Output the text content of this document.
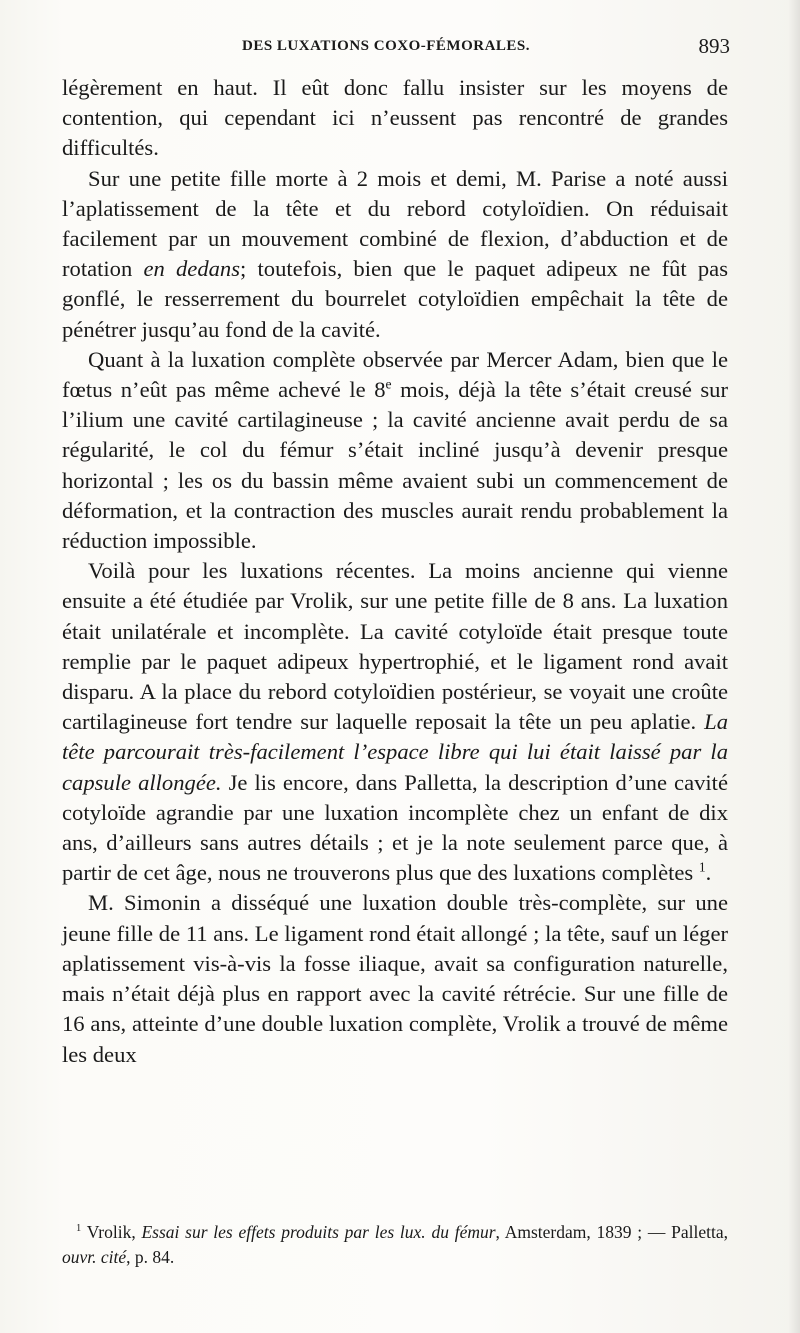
DES LUXATIONS COXO-FÉMORALES.	893

légèrement en haut. Il eût donc fallu insister sur les moyens de contention, qui cependant ici n’eussent pas rencontré de grandes difficultés.

Sur une petite fille morte à 2 mois et demi, M. Parise a noté aussi l’aplatissement de la tête et du rebord cotyloïdien. On réduisait facilement par un mouvement combiné de flexion, d’abduction et de rotation en dedans; toutefois, bien que le paquet adipeux ne fût pas gonflé, le resserrement du bourrelet cotyloïdien empêchait la tête de pénétrer jusqu’au fond de la cavité.

Quant à la luxation complète observée par Mercer Adam, bien que le fœtus n’eût pas même achevé le 8e mois, déjà la tête s’était creusé sur l’ilium une cavité cartilagineuse ; la cavité ancienne avait perdu de sa régularité, le col du fémur s’était incliné jusqu’à devenir presque horizontal ; les os du bassin même avaient subi un commencement de déformation, et la contraction des muscles aurait rendu probablement la réduction impossible.

Voilà pour les luxations récentes. La moins ancienne qui vienne ensuite a été étudiée par Vrolik, sur une petite fille de 8 ans. La luxation était unilatérale et incomplète. La cavité cotyloïde était presque toute remplie par le paquet adipeux hypertrophié, et le ligament rond avait disparu. A la place du rebord cotyloïdien postérieur, se voyait une croûte cartilagineuse fort tendre sur laquelle reposait la tête un peu aplatie. La tête parcourait très-facilement l’espace libre qui lui était laissé par la capsule allongée. Je lis encore, dans Palletta, la description d’une cavité cotyloïde agrandie par une luxation incomplète chez un enfant de dix ans, d’ailleurs sans autres détails ; et je la note seulement parce que, à partir de cet âge, nous ne trouverons plus que des luxations complètes $^1$.

M. Simonin a disséqué une luxation double très-complète, sur une jeune fille de 11 ans. Le ligament rond était allongé ; la tête, sauf un léger aplatissement vis-à-vis la fosse iliaque, avait sa configuration naturelle, mais n’était déjà plus en rapport avec la cavité rétrécie. Sur une fille de 16 ans, atteinte d’une double luxation complète, Vrolik a trouvé de même les deux

$^1$ Vrolik, Essai sur les effets produits par les lux. du fémur, Amsterdam, 1839 ; — Palletta, ouvr. cité, p. 84.
